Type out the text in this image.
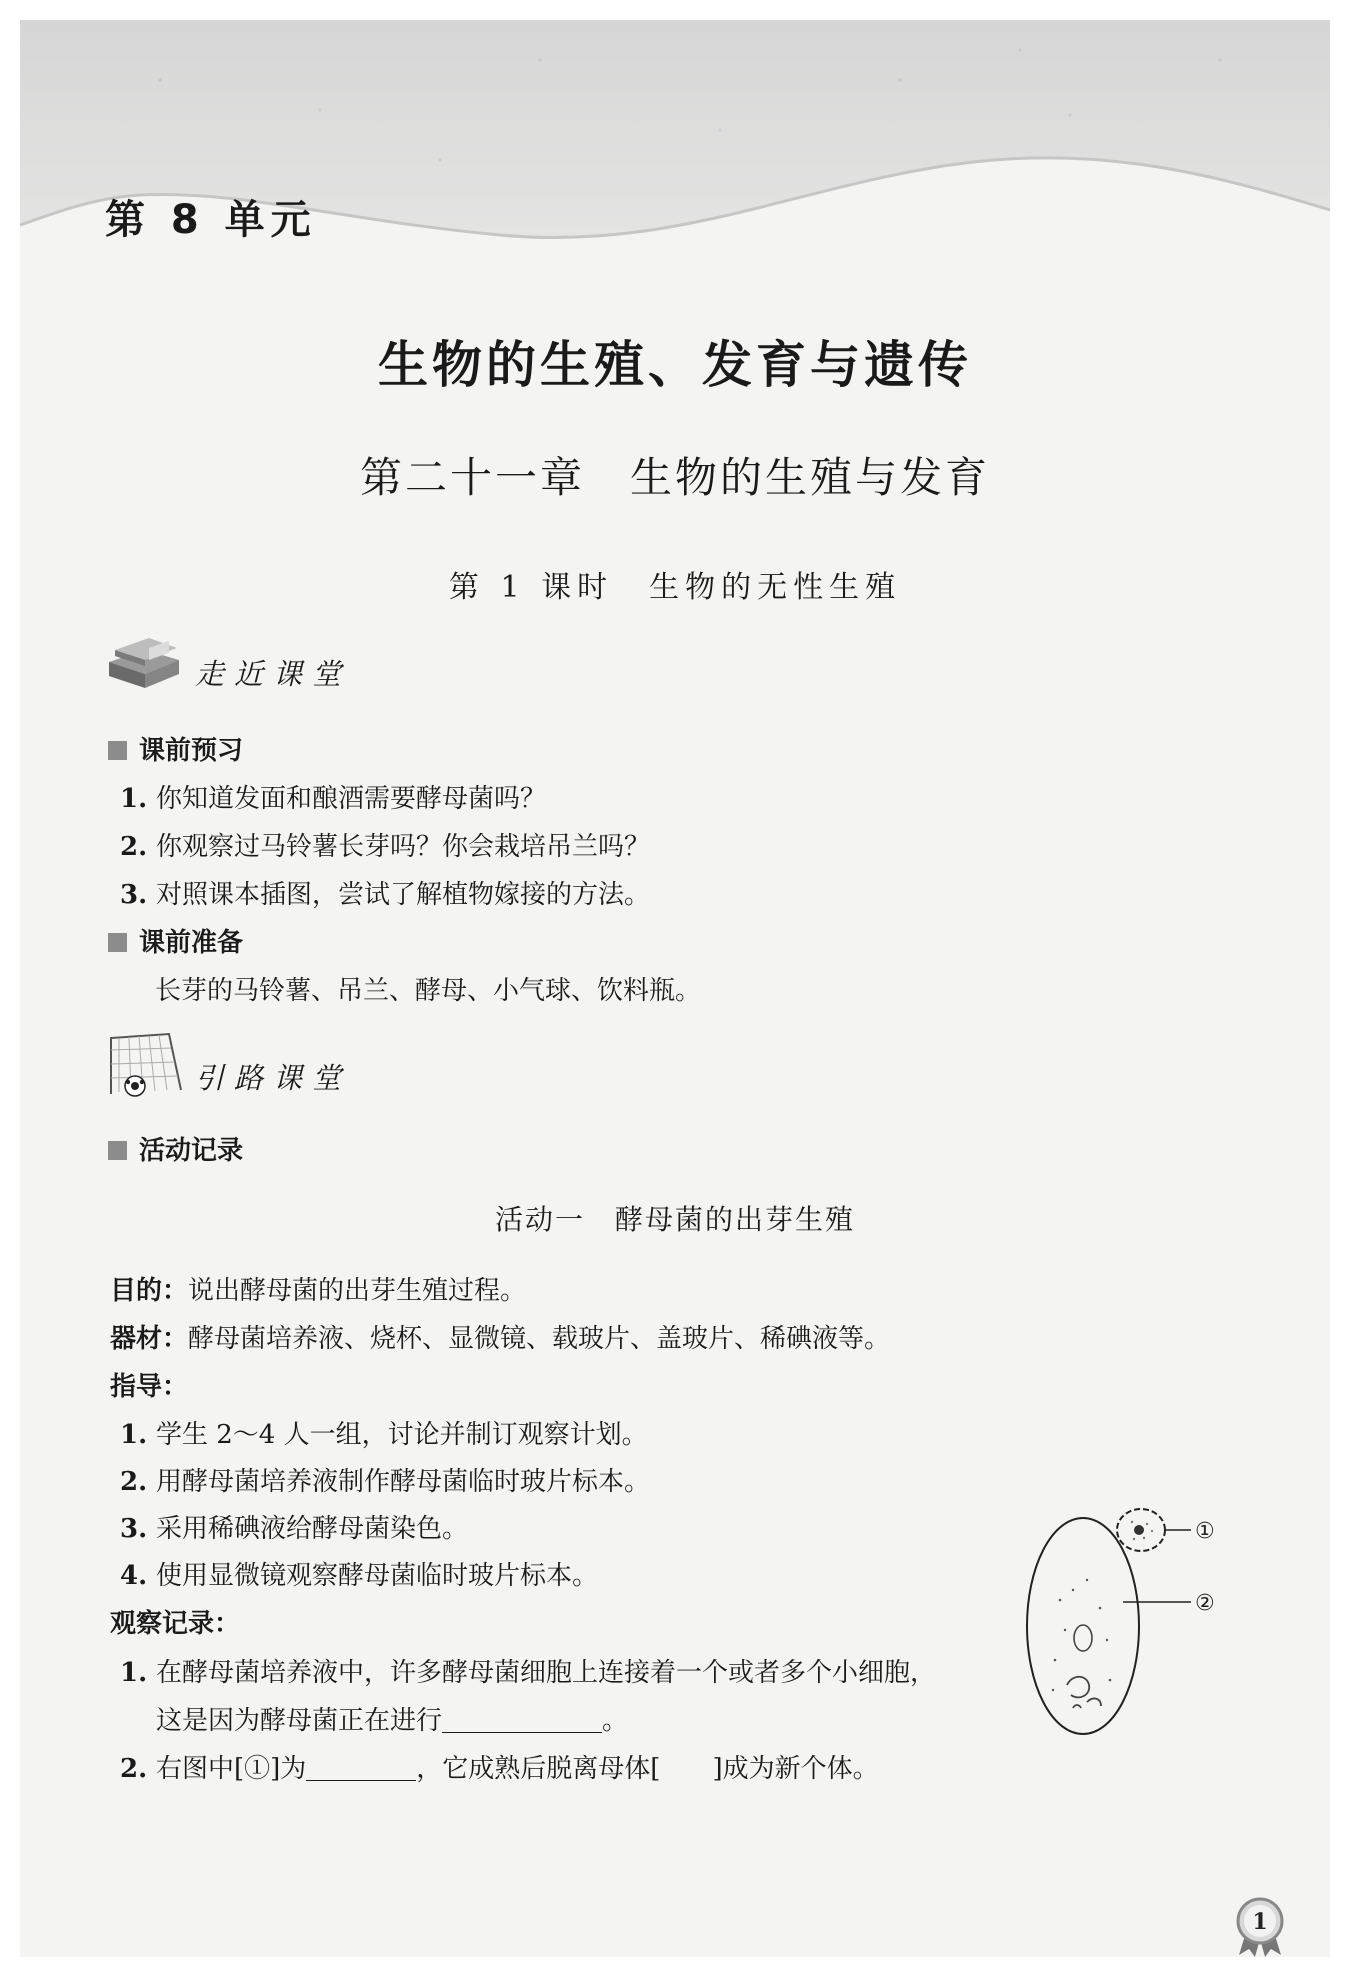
第 8 单元
生物的生殖、发育与遗传
第二十一章　生物的生殖与发育
第 1 课时　生物的无性生殖
走近课堂
课前预习
1. 你知道发面和酿酒需要酵母菌吗？
2. 你观察过马铃薯长芽吗？你会栽培吊兰吗？
3. 对照课本插图，尝试了解植物嫁接的方法。
课前准备
长芽的马铃薯、吊兰、酵母、小气球、饮料瓶。
引路课堂
活动记录
活动一　酵母菌的出芽生殖
目的：说出酵母菌的出芽生殖过程。
器材：酵母菌培养液、烧杯、显微镜、载玻片、盖玻片、稀碘液等。
指导：
1. 学生 2～4 人一组，讨论并制订观察计划。
2. 用酵母菌培养液制作酵母菌临时玻片标本。
3. 采用稀碘液给酵母菌染色。
4. 使用显微镜观察酵母菌临时玻片标本。
观察记录：
1. 在酵母菌培养液中，许多酵母菌细胞上连接着一个或者多个小细胞，
这是因为酵母菌正在进行	。
2. 右图中[①]为	，它成熟后脱离母体[ ]成为新个体。
①
②
1
